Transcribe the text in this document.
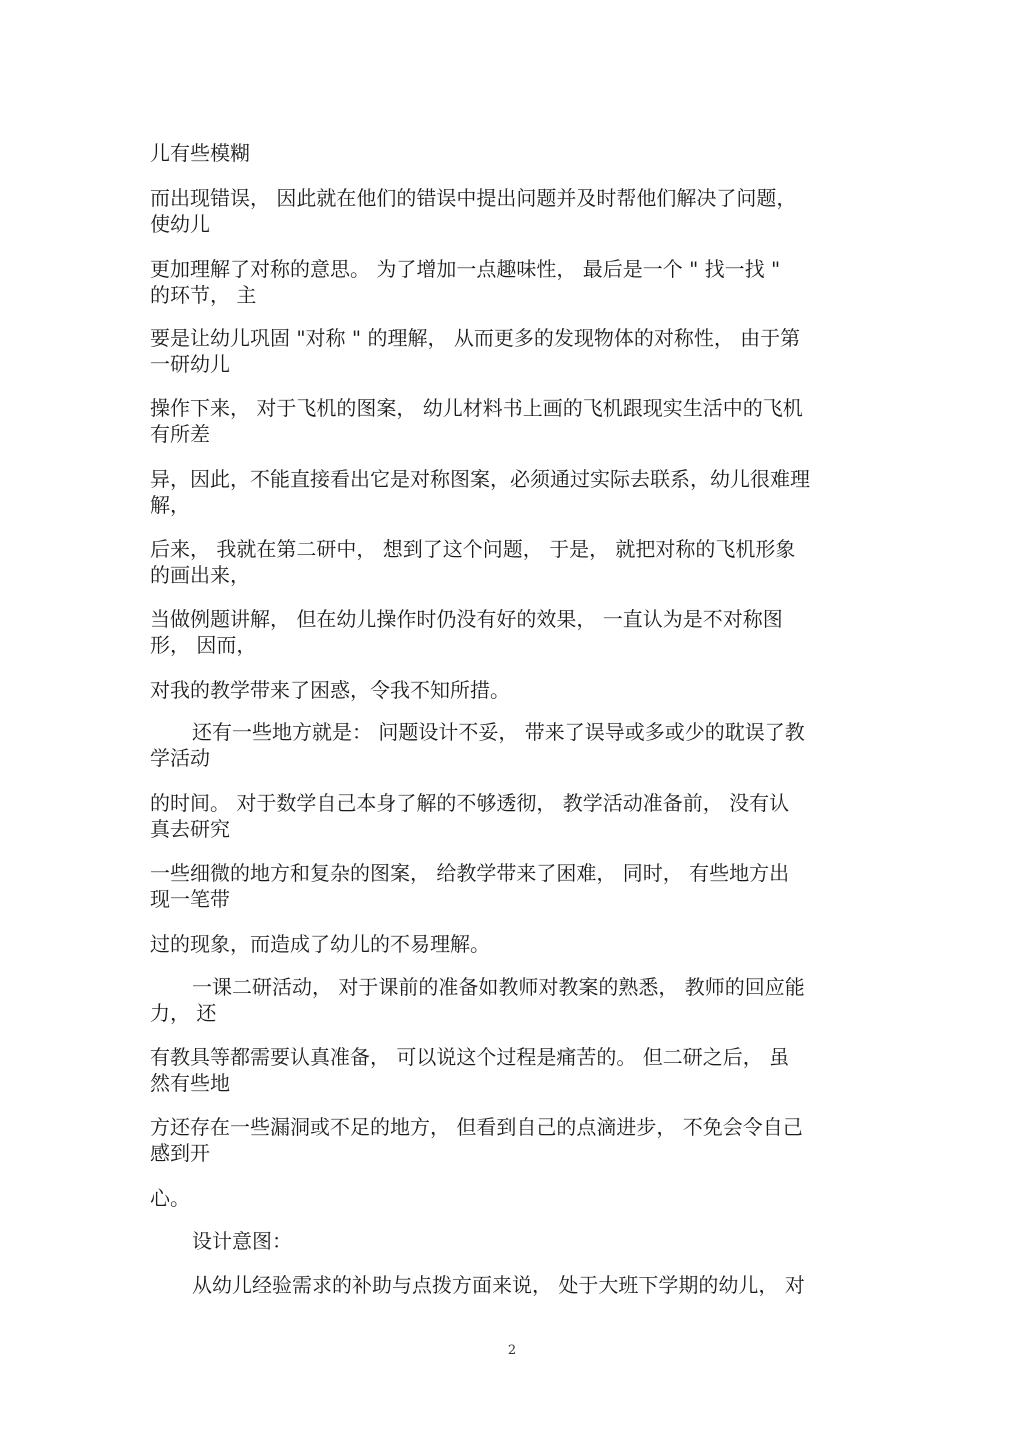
儿有些模糊
而出现错误， 因此就在他们的错误中提出问题并及时帮他们解决了问题，
使幼儿
更加理解了对称的意思。 为了增加一点趣味性， 最后是一个 " 找一找 "
的环节， 主
要是让幼儿巩固 "对称 " 的理解， 从而更多的发现物体的对称性， 由于第
一研幼儿
操作下来， 对于飞机的图案， 幼儿材料书上画的飞机跟现实生活中的飞机
有所差
异，因此，不能直接看出它是对称图案，必须通过实际去联系，幼儿很难理
解，
后来， 我就在第二研中， 想到了这个问题， 于是， 就把对称的飞机形象
的画出来，
当做例题讲解， 但在幼儿操作时仍没有好的效果， 一直认为是不对称图
形， 因而，
对我的教学带来了困惑，令我不知所措。
还有一些地方就是： 问题设计不妥， 带来了误导或多或少的耽误了教
学活动
的时间。 对于数学自己本身了解的不够透彻， 教学活动准备前， 没有认
真去研究
一些细微的地方和复杂的图案， 给教学带来了困难， 同时， 有些地方出
现一笔带
过的现象，而造成了幼儿的不易理解。
一课二研活动， 对于课前的准备如教师对教案的熟悉， 教师的回应能
力， 还
有教具等都需要认真准备， 可以说这个过程是痛苦的。 但二研之后， 虽
然有些地
方还存在一些漏洞或不足的地方， 但看到自己的点滴进步， 不免会令自己
感到开
心。
设计意图：
从幼儿经验需求的补助与点拨方面来说， 处于大班下学期的幼儿， 对
2
